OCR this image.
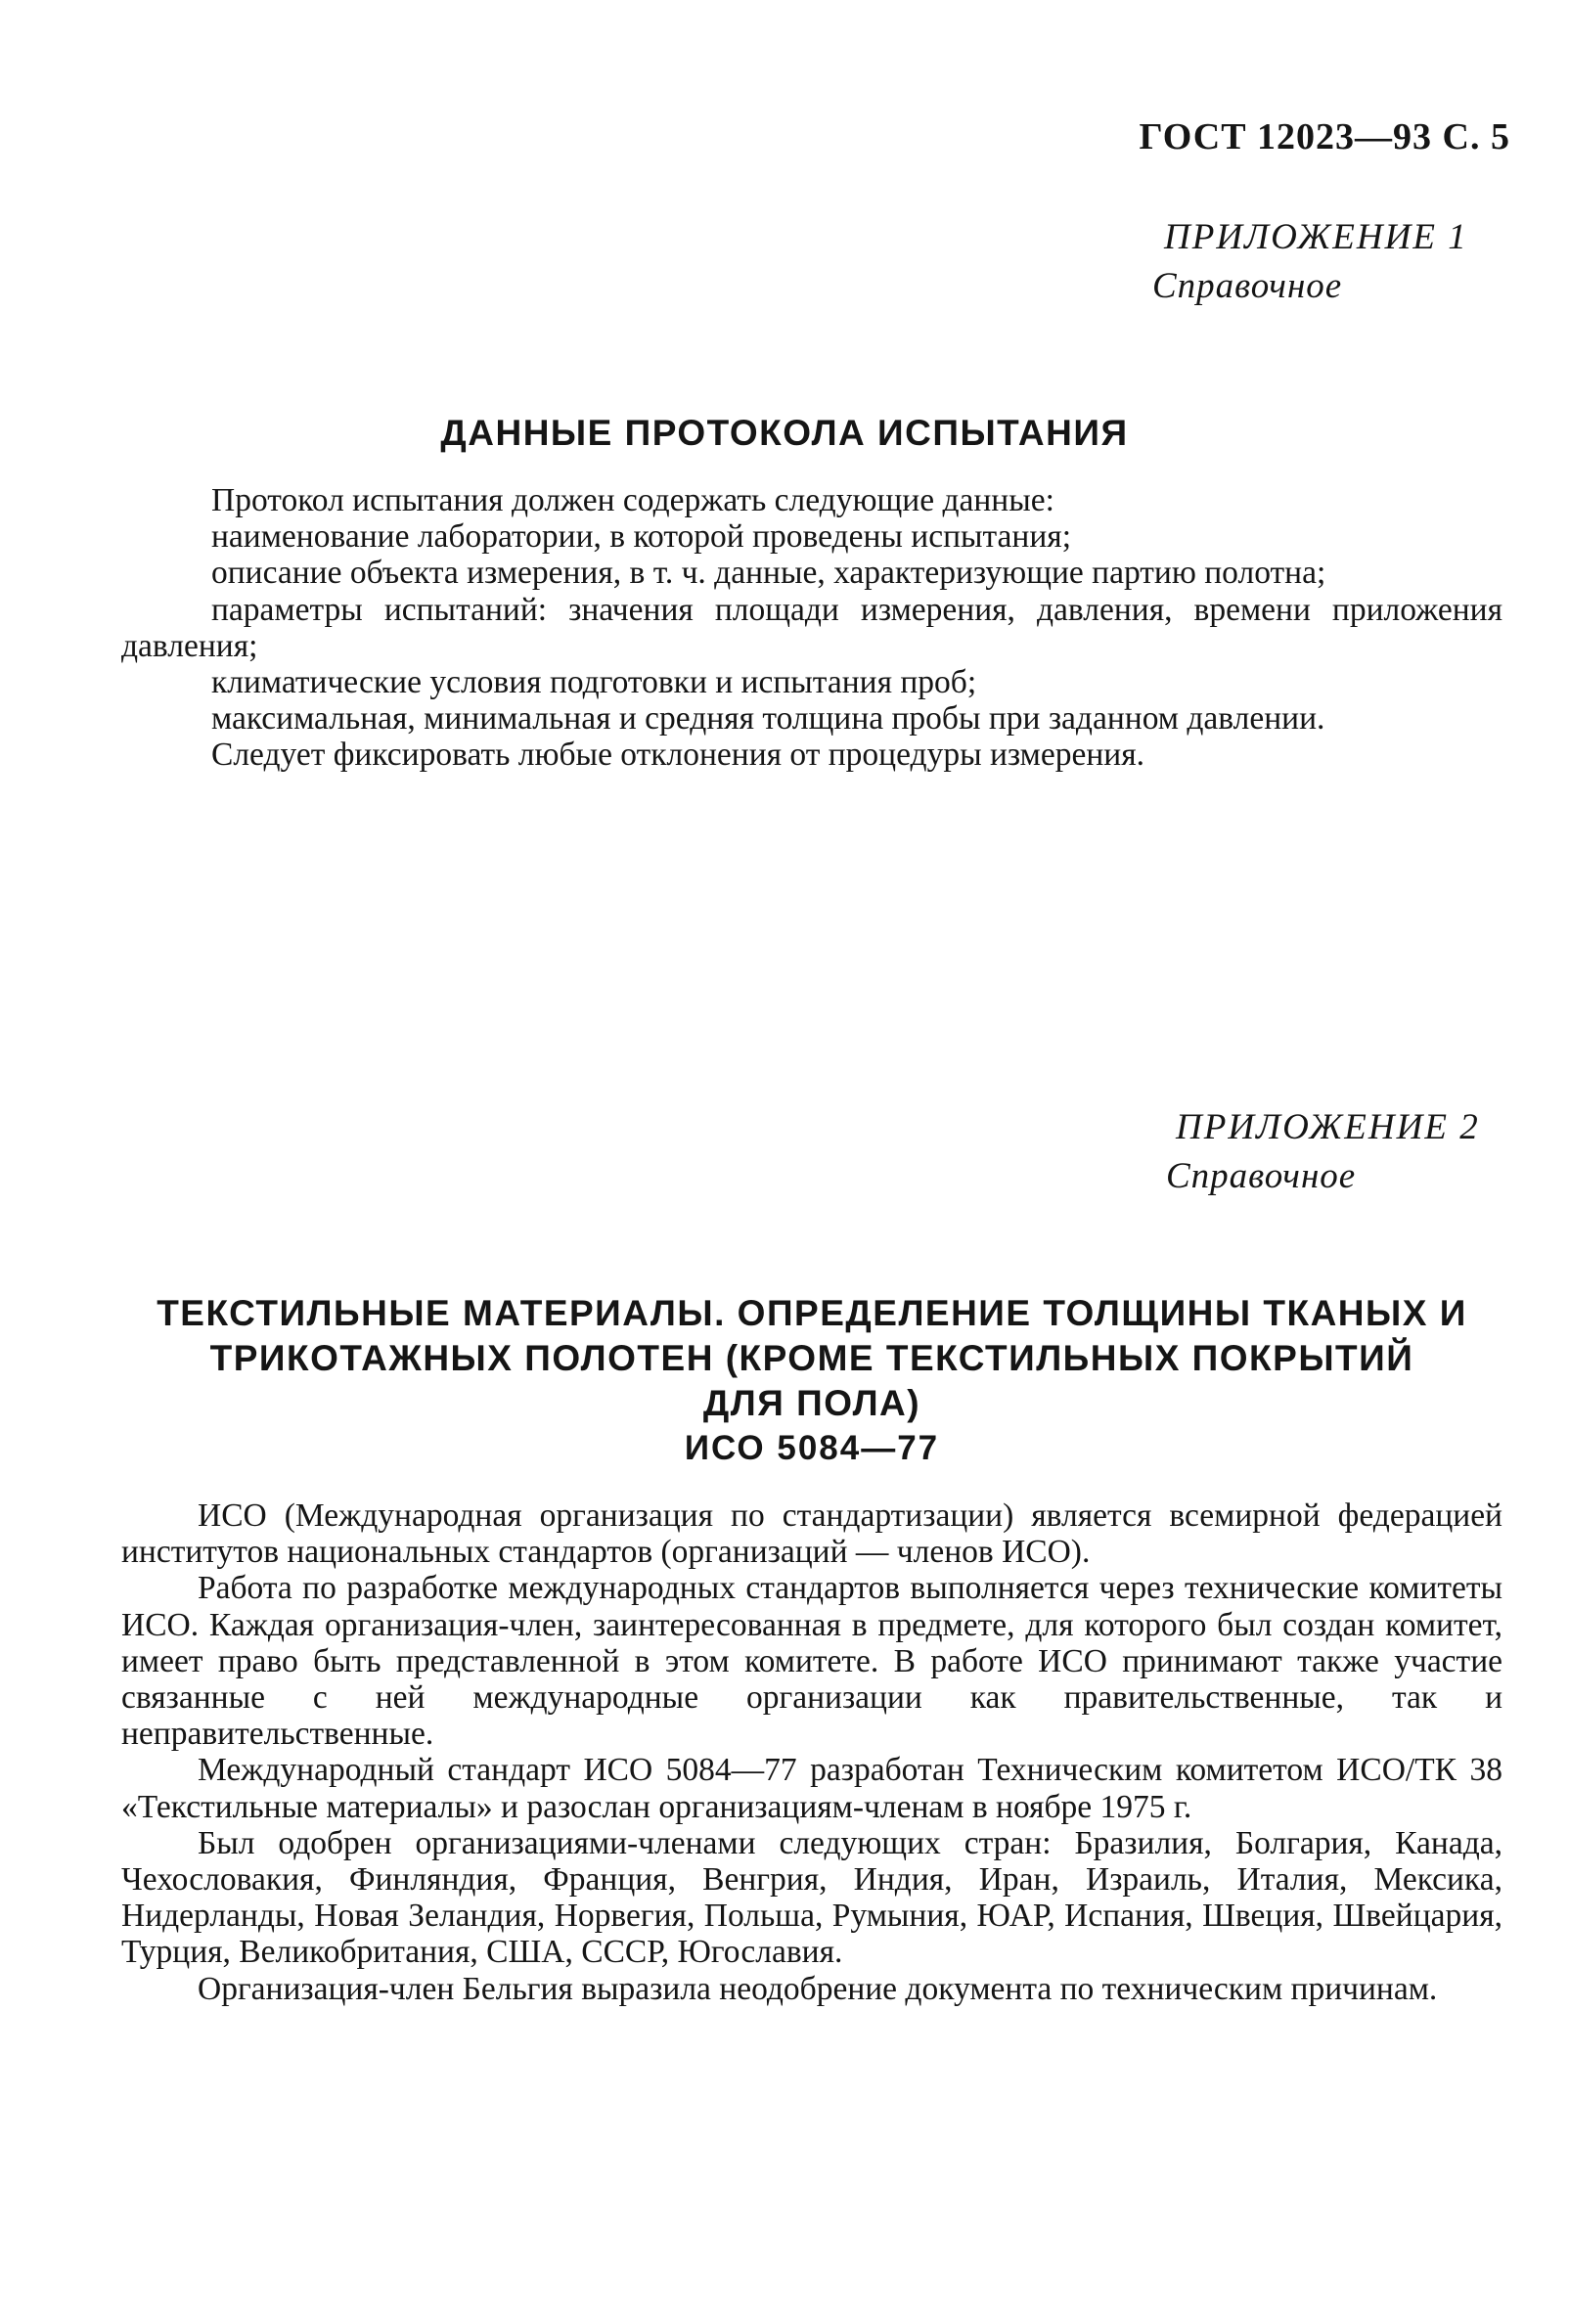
ГОСТ 12023—93 С. 5
ПРИЛОЖЕНИЕ 1
Справочное
ДАННЫЕ ПРОТОКОЛА ИСПЫТАНИЯ

Протокол испытания должен содержать следующие данные:

наименование лаборатории, в которой проведены испытания;

описание объекта измерения, в т. ч. данные, характеризующие партию полотна;

параметры испытаний: значения площади измерения, давления, времени приложения давления;

климатические условия подготовки и испытания проб;

максимальная, минимальная и средняя толщина пробы при заданном давлении.

Следует фиксировать любые отклонения от процедуры измерения.

ПРИЛОЖЕНИЕ 2
Справочное
ТЕКСТИЛЬНЫЕ МАТЕРИАЛЫ. ОПРЕДЕЛЕНИЕ ТОЛЩИНЫ ТКАНЫХ И
ТРИКОТАЖНЫХ ПОЛОТЕН (КРОМЕ ТЕКСТИЛЬНЫХ ПОКРЫТИЙ
ДЛЯ ПОЛА)
ИСО 5084—77

ИСО (Международная организация по стандартизации) является всемирной федерацией институтов национальных стандартов (организаций — членов ИСО).

Работа по разработке международных стандартов выполняется через технические комитеты ИСО. Каждая организация-член, заинтересованная в предмете, для которого был создан комитет, имеет право быть представленной в этом комитете. В работе ИСО принимают также участие связанные с ней международные организации как правительственные, так и неправительственные.

Международный стандарт ИСО 5084—77 разработан Техническим комитетом ИСО/ТК 38 «Текстильные материалы» и разослан организациям-членам в ноябре 1975 г.

Был одобрен организациями-членами следующих стран: Бразилия, Болгария, Канада, Чехословакия, Финляндия, Франция, Венгрия, Индия, Иран, Израиль, Италия, Мексика, Нидерланды, Новая Зеландия, Норвегия, Польша, Румыния, ЮАР, Испания, Швеция, Швейцария, Турция, Великобритания, США, СССР, Югославия.

Организация-член Бельгия выразила неодобрение документа по техническим причинам.
